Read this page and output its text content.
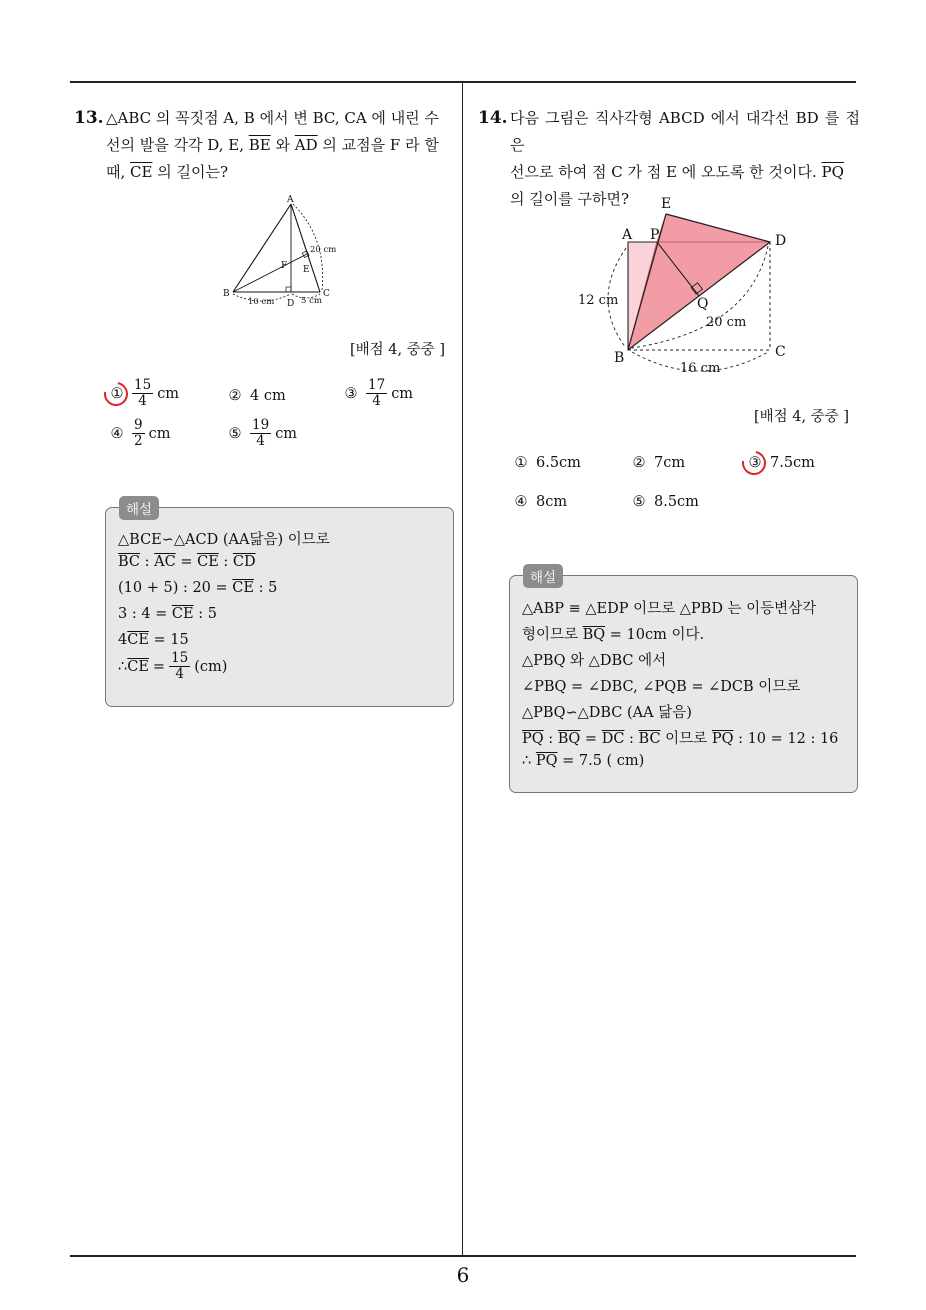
6
13. △ABC 의 꼭짓점 A, B 에서 변 BC, CA 에 내린 수
선의 발을 각각 D, E, $\overline{BE}$ 와 $\overline{AD}$ 의 교점을 F 라 할
때, $\overline{CE}$ 의 길이는?
A
B	C
D
E
F
10 cm	5 cm
20 cm
[배점 4, 중중 ]
① $\frac{15}{4}$ cm	② 4 cm	③ $\frac{17}{4}$ cm
④ $\frac{9}{2}$ cm	⑤ $\frac{19}{4}$ cm
해설
△BCE∽△ACD (AA닮음) 이므로
$\overline{BC}$ : $\overline{AC} = \overline{CE}$ : $\overline{CD}$
(10 + 5) : $20 = \overline{CE}$ : 5
3 : $4 = \overline{CE}$ : 5
$4\overline{CE} = 15$
∴ $\overline{CE} = \frac{15}{4} (cm)$
14. 다음 그림은 직사각형 ABCD 에서 대각선 BD 를 접은
선으로 하여 점 C 가 점 E 에 오도록 한 것이다. $\overline{PQ}$
의 길이를 구하면?	E
A P	D
C
B
Q
12 cm
20 cm
16 cm
[배점 4, 중중 ]
① 6.5cm	② 7cm	③ 7.5cm
④ 8cm	⑤ 8.5cm
해설
△ABP ≡ △EDP 이므로 △PBD 는 이등변삼각
형이므로 $\overline{BQ} = 10cm$ 이다.
△PBQ 와 △DBC 에서
∠PBQ = ∠DBC, ∠PQB = ∠DCB 이므로
△PBQ∽△DBC (AA 닮음)
$\overline{PQ}$ : $\overline{BQ} = \overline{DC}$ : $\overline{BC}$ 이므로 $\overline{PQ}$ : 10 = 12 : 16
∴ $\overline{PQ} = 7.5$ ( cm)
